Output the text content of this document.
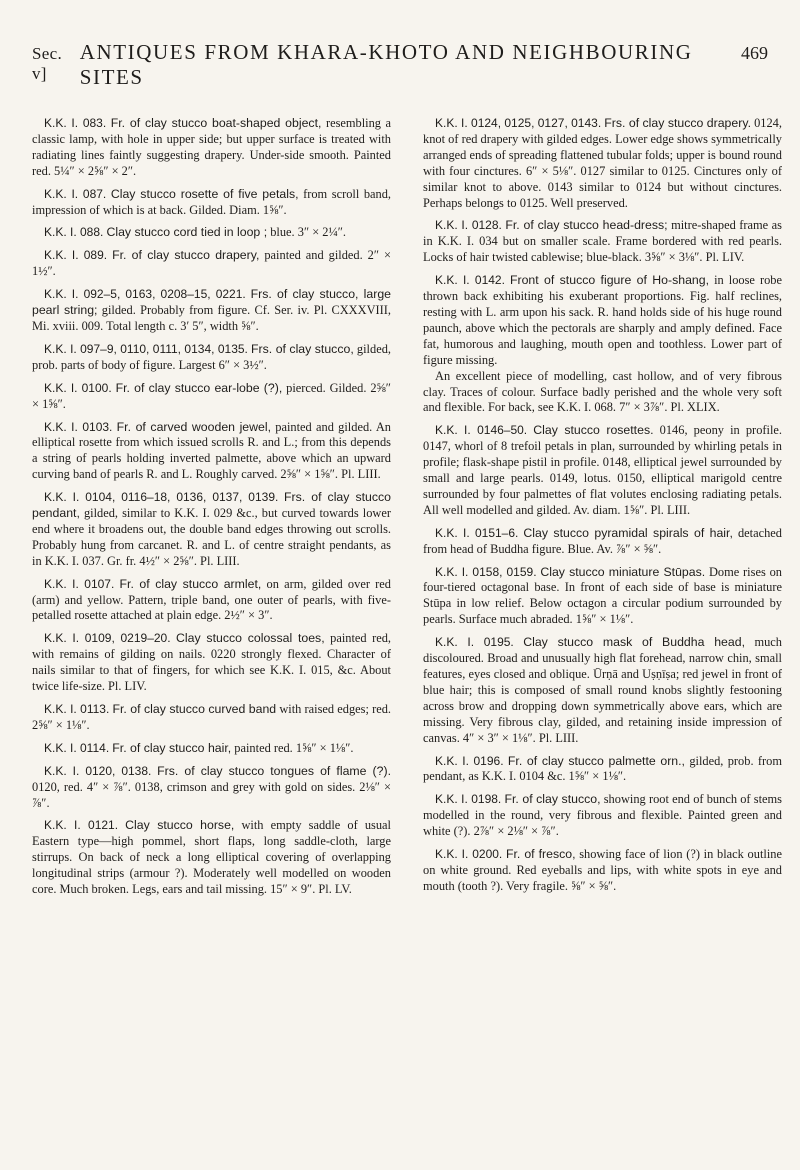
Sec. v]
ANTIQUES FROM KHARA-KHOTO AND NEIGHBOURING SITES
469

K.K. I. 083. Fr. of clay stucco boat-shaped object, resembling a classic lamp, with hole in upper side; but upper surface is treated with radiating lines faintly suggesting drapery. Under-side smooth. Painted red. 5¼″ × 2⅝″ × 2″.

K.K. I. 087. Clay stucco rosette of five petals, from scroll band, impression of which is at back. Gilded. Diam. 1⅝″.

K.K. I. 088. Clay stucco cord tied in loop ; blue. 3″ × 2¼″.

K.K. I. 089. Fr. of clay stucco drapery, painted and gilded. 2″ × 1½″.

K.K. I. 092–5, 0163, 0208–15, 0221. Frs. of clay stucco, large pearl string; gilded. Probably from figure. Cf. Ser. iv. Pl. CXXXVIII, Mi. xviii. 009. Total length c. 3′ 5″, width ⅝″.

K.K. I. 097–9, 0110, 0111, 0134, 0135. Frs. of clay stucco, gilded, prob. parts of body of figure. Largest 6″ × 3½″.

K.K. I. 0100. Fr. of clay stucco ear-lobe (?), pierced. Gilded. 2⅝″ × 1⅝″.

K.K. I. 0103. Fr. of carved wooden jewel, painted and gilded. An elliptical rosette from which issued scrolls R. and L.; from this depends a string of pearls holding inverted palmette, above which an upward curving band of pearls R. and L. Roughly carved. 2⅝″ × 1⅝″. Pl. LIII.

K.K. I. 0104, 0116–18, 0136, 0137, 0139. Frs. of clay stucco pendant, gilded, similar to K.K. I. 029 &c., but curved towards lower end where it broadens out, the double band edges throwing out scrolls. Probably hung from carcanet. R. and L. of centre straight pendants, as in K.K. I. 037. Gr. fr. 4½″ × 2⅝″. Pl. LIII.

K.K. I. 0107. Fr. of clay stucco armlet, on arm, gilded over red (arm) and yellow. Pattern, triple band, one outer of pearls, with five-petalled rosette attached at plain edge. 2½″ × 3″.

K.K. I. 0109, 0219–20. Clay stucco colossal toes, painted red, with remains of gilding on nails. 0220 strongly flexed. Character of nails similar to that of fingers, for which see K.K. I. 015, &c. About twice life-size. Pl. LIV.

K.K. I. 0113. Fr. of clay stucco curved band with raised edges; red. 2⅝″ × 1⅛″.

K.K. I. 0114. Fr. of clay stucco hair, painted red. 1⅝″ × 1⅛″.

K.K. I. 0120, 0138. Frs. of clay stucco tongues of flame (?). 0120, red. 4″ × ⅞″. 0138, crimson and grey with gold on sides. 2⅛″ × ⅞″.

K.K. I. 0121. Clay stucco horse, with empty saddle of usual Eastern type—high pommel, short flaps, long saddle-cloth, large stirrups. On back of neck a long elliptical covering of overlapping longitudinal strips (armour ?). Moderately well modelled on wooden core. Much broken. Legs, ears and tail missing. 15″ × 9″. Pl. LV.

K.K. I. 0124, 0125, 0127, 0143. Frs. of clay stucco drapery. 0124, knot of red drapery with gilded edges. Lower edge shows symmetrically arranged ends of spreading flattened tubular folds; upper is bound round with four cinctures. 6″ × 5⅛″. 0127 similar to 0125. Cinctures only of similar knot to above. 0143 similar to 0124 but without cinctures. Perhaps belongs to 0125. Well preserved.

K.K. I. 0128. Fr. of clay stucco head-dress; mitre-shaped frame as in K.K. I. 034 but on smaller scale. Frame bordered with red pearls. Locks of hair twisted cablewise; blue-black. 3⅝″ × 3⅛″. Pl. LIV.

K.K. I. 0142. Front of stucco figure of Ho-shang, in loose robe thrown back exhibiting his exuberant proportions. Fig. half reclines, resting with L. arm upon his sack. R. hand holds side of his huge round paunch, above which the pectorals are sharply and amply defined. Face fat, humorous and laughing, mouth open and toothless. Lower part of figure missing.

An excellent piece of modelling, cast hollow, and of very fibrous clay. Traces of colour. Surface badly perished and the whole very soft and flexible. For back, see K.K. I. 068. 7″ × 3⅞″. Pl. XLIX.

K.K. I. 0146–50. Clay stucco rosettes. 0146, peony in profile. 0147, whorl of 8 trefoil petals in plan, surrounded by whirling petals in profile; flask-shape pistil in profile. 0148, elliptical jewel surrounded by small and large pearls. 0149, lotus. 0150, elliptical marigold centre surrounded by four palmettes of flat volutes enclosing radiating petals. All well modelled and gilded. Av. diam. 1⅝″. Pl. LIII.

K.K. I. 0151–6. Clay stucco pyramidal spirals of hair, detached from head of Buddha figure. Blue. Av. ⅞″ × ⅝″.

K.K. I. 0158, 0159. Clay stucco miniature Stūpas. Dome rises on four-tiered octagonal base. In front of each side of base is miniature Stūpa in low relief. Below octagon a circular podium surrounded by pearls. Surface much abraded. 1⅝″ × 1⅛″.

K.K. I. 0195. Clay stucco mask of Buddha head, much discoloured. Broad and unusually high flat forehead, narrow chin, small features, eyes closed and oblique. Ūrṇā and Uṣṇīṣa; red jewel in front of blue hair; this is composed of small round knobs slightly festooning across brow and dropping down symmetrically above ears, which are missing. Very fibrous clay, gilded, and retaining inside impression of canvas. 4″ × 3″ × 1⅛″. Pl. LIII.

K.K. I. 0196. Fr. of clay stucco palmette orn., gilded, prob. from pendant, as K.K. I. 0104 &c. 1⅝″ × 1⅛″.

K.K. I. 0198. Fr. of clay stucco, showing root end of bunch of stems modelled in the round, very fibrous and flexible. Painted green and white (?). 2⅞″ × 2⅛″ × ⅞″.

K.K. I. 0200. Fr. of fresco, showing face of lion (?) in black outline on white ground. Red eyeballs and lips, with white spots in eye and mouth (tooth ?). Very fragile. ⅝″ × ⅝″.
